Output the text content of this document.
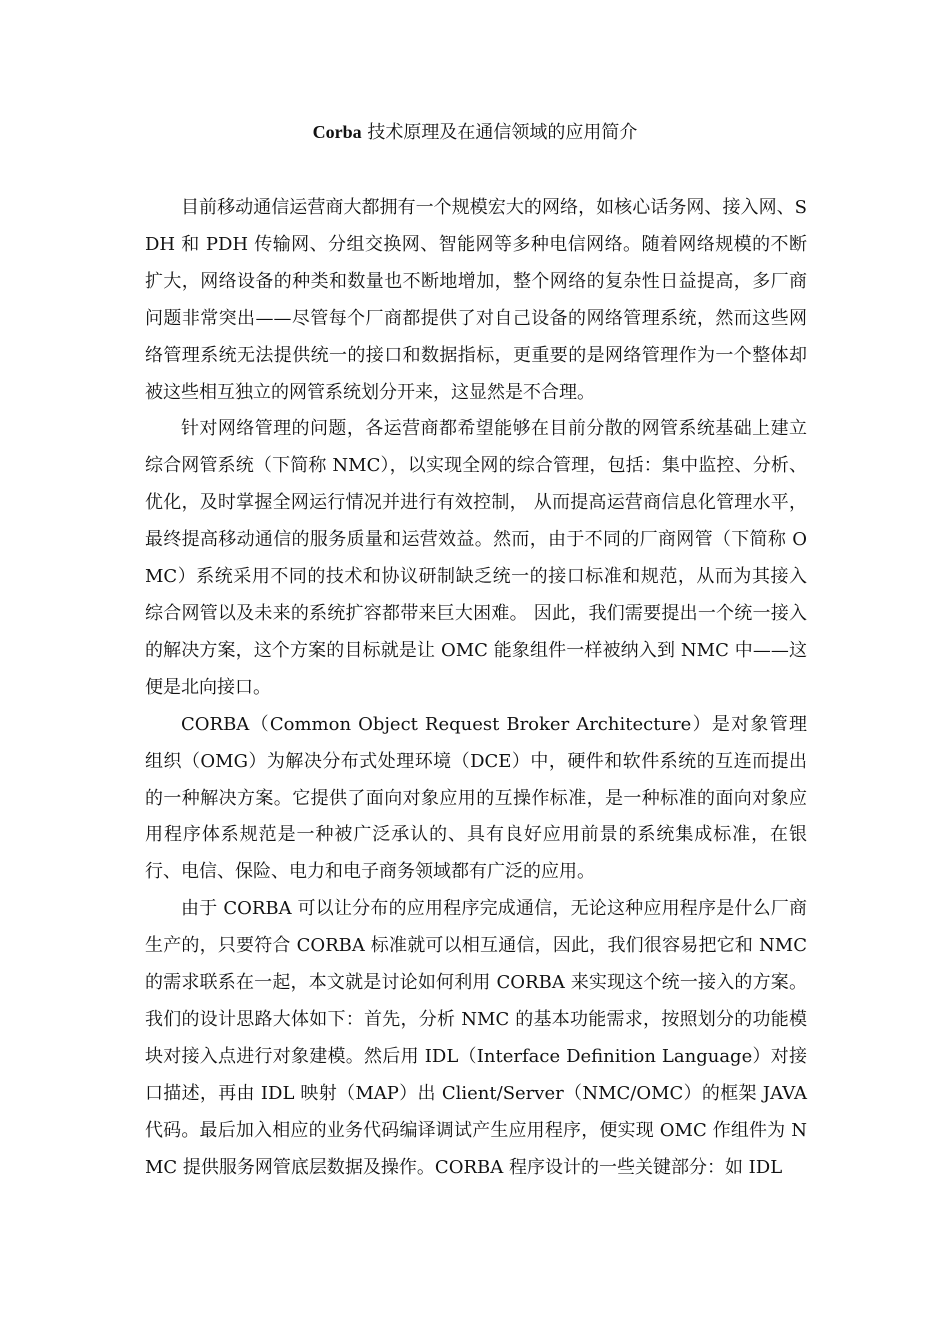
Corba 技术原理及在通信领域的应用简介

目前移动通信运营商大都拥有一个规模宏大的网络，如核心话务网、接入网、SDH 和 PDH 传输网、分组交换网、智能网等多种电信网络。随着网络规模的不断扩大，网络设备的种类和数量也不断地增加，整个网络的复杂性日益提高，多厂商问题非常突出——尽管每个厂商都提供了对自己设备的网络管理系统，然而这些网络管理系统无法提供统一的接口和数据指标，更重要的是网络管理作为一个整体却被这些相互独立的网管系统划分开来，这显然是不合理。

针对网络管理的问题，各运营商都希望能够在目前分散的网管系统基础上建立综合网管系统（下简称 NMC），以实现全网的综合管理，包括：集中监控、分析、优化，及时掌握全网运行情况并进行有效控制， 从而提高运营商信息化管理水平，最终提高移动通信的服务质量和运营效益。然而，由于不同的厂商网管（下简称 OMC）系统采用不同的技术和协议研制缺乏统一的接口标准和规范，从而为其接入综合网管以及未来的系统扩容都带来巨大困难。 因此，我们需要提出一个统一接入的解决方案，这个方案的目标就是让 OMC 能象组件一样被纳入到 NMC 中——这便是北向接口。

CORBA（Common Object Request Broker Architecture）是对象管理组织（OMG）为解决分布式处理环境（DCE）中，硬件和软件系统的互连而提出的一种解决方案。它提供了面向对象应用的互操作标准，是一种标准的面向对象应用程序体系规范是一种被广泛承认的、具有良好应用前景的系统集成标准，在银行、电信、保险、电力和电子商务领域都有广泛的应用。

由于 CORBA 可以让分布的应用程序完成通信，无论这种应用程序是什么厂商生产的，只要符合 CORBA 标准就可以相互通信，因此，我们很容易把它和 NMC 的需求联系在一起，本文就是讨论如何利用 CORBA 来实现这个统一接入的方案。我们的设计思路大体如下：首先，分析 NMC 的基本功能需求，按照划分的功能模块对接入点进行对象建模。然后用 IDL（Interface Definition Language）对接口描述，再由 IDL 映射（MAP）出 Client/Server（NMC/OMC）的框架 JAVA 代码。最后加入相应的业务代码编译调试产生应用程序，便实现 OMC 作组件为 NMC 提供服务网管底层数据及操作。CORBA 程序设计的一些关键部分：如 IDL
